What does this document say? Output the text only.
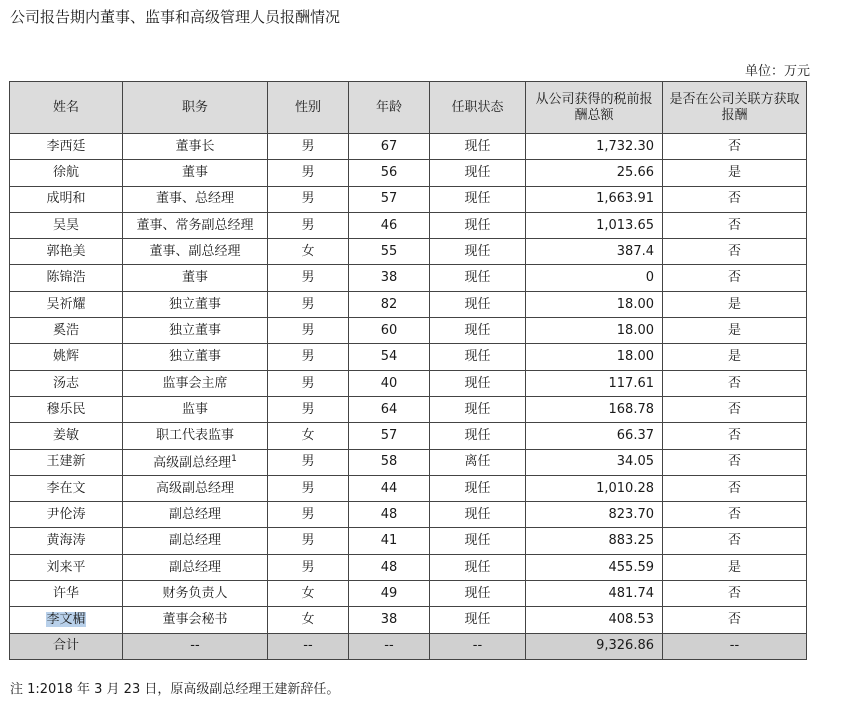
公司报告期内董事、监事和高级管理人员报酬情况
单位：万元
姓名	职务	性别	年龄	任职状态	从公司获得的税前报酬总额	是否在公司关联方获取报酬
李西廷	董事长	男	67	现任	1,732.30	否
徐航	董事	男	56	现任	25.66	是
成明和	董事、总经理	男	57	现任	1,663.91	否
吴昊	董事、常务副总经理	男	46	现任	1,013.65	否
郭艳美	董事、副总经理	女	55	现任	387.4	否
陈锦浩	董事	男	38	现任	0	否
吴祈耀	独立董事	男	82	现任	18.00	是
奚浩	独立董事	男	60	现任	18.00	是
姚辉	独立董事	男	54	现任	18.00	是
汤志	监事会主席	男	40	现任	117.61	否
穆乐民	监事	男	64	现任	168.78	否
姜敏	职工代表监事	女	57	现任	66.37	否
王建新	高级副总经理$^1$	男	58	离任	34.05	否
李在文	高级副总经理	男	44	现任	1,010.28	否
尹伦涛	副总经理	男	48	现任	823.70	否
黄海涛	副总经理	男	41	现任	883.25	否
刘来平	副总经理	男	48	现任	455.59	是
许华	财务负责人	女	49	现任	481.74	否
李文楣	董事会秘书	女	38	现任	408.53	否
合计	--	--	--	--	9,326.86	--
注 1:2018 年 3 月 23 日，原高级副总经理王建新辞任。
